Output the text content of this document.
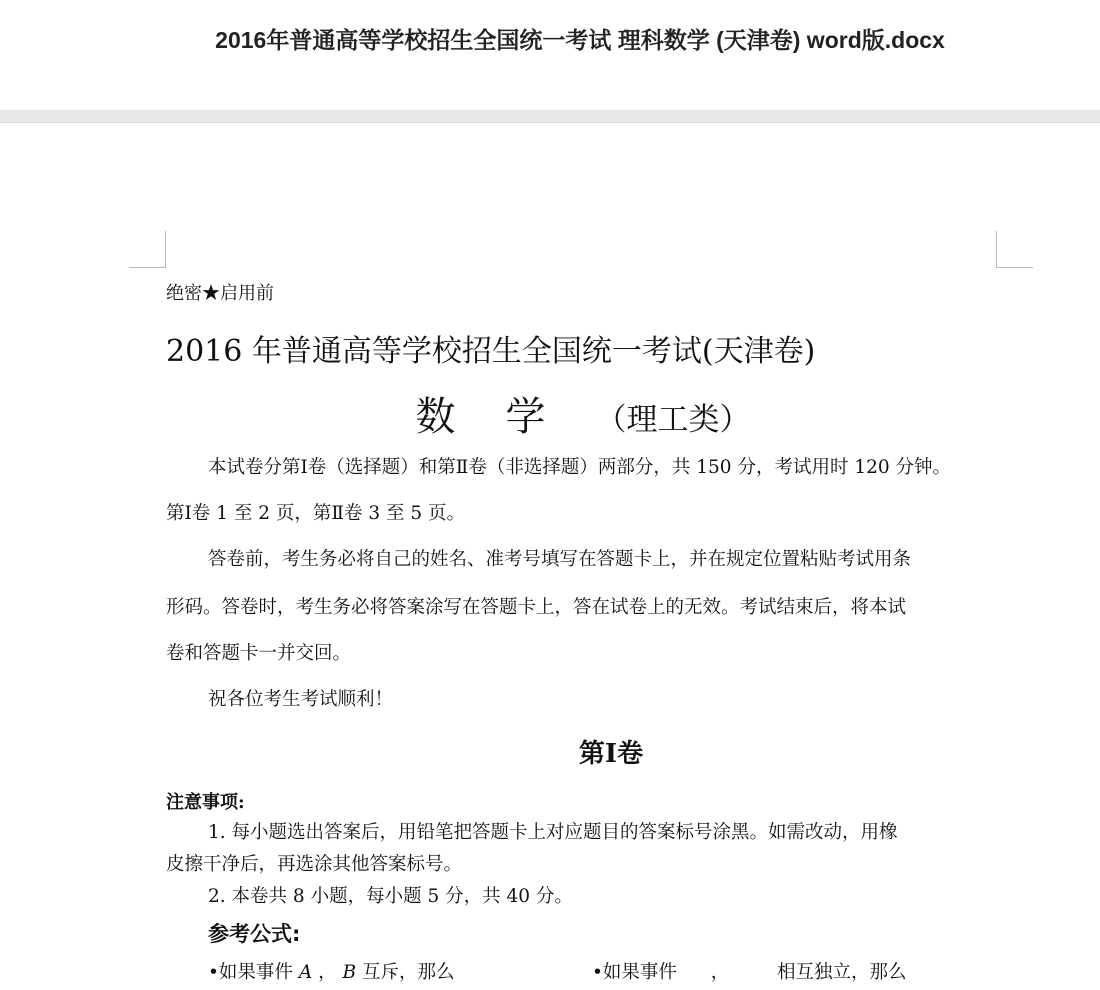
2016年普通高等学校招生全国统一考试 理科数学 (天津卷) word版.docx
绝密★启用前
2016 年普通高等学校招生全国统一考试(天津卷)
数学（理工类）
本试卷分第Ⅰ卷（选择题）和第Ⅱ卷（非选择题）两部分，共 150 分，考试用时 120 分钟。
第Ⅰ卷 1 至 2 页，第Ⅱ卷 3 至 5 页。
答卷前，考生务必将自己的姓名、准考号填写在答题卡上，并在规定位置粘贴考试用条
形码。答卷时，考生务必将答案涂写在答题卡上，答在试卷上的无效。考试结束后，将本试
卷和答题卡一并交回。
祝各位考生考试顺利！
第Ⅰ卷
注意事项:
1. 每小题选出答案后，用铅笔把答题卡上对应题目的答案标号涂黑。如需改动，用橡
皮擦干净后，再选涂其他答案标号。
2. 本卷共 8 小题，每小题 5 分，共 40 分。
参考公式:
•如果事件 A ， B 互斥，那么	•如果事件 ，	相互独立，那么
